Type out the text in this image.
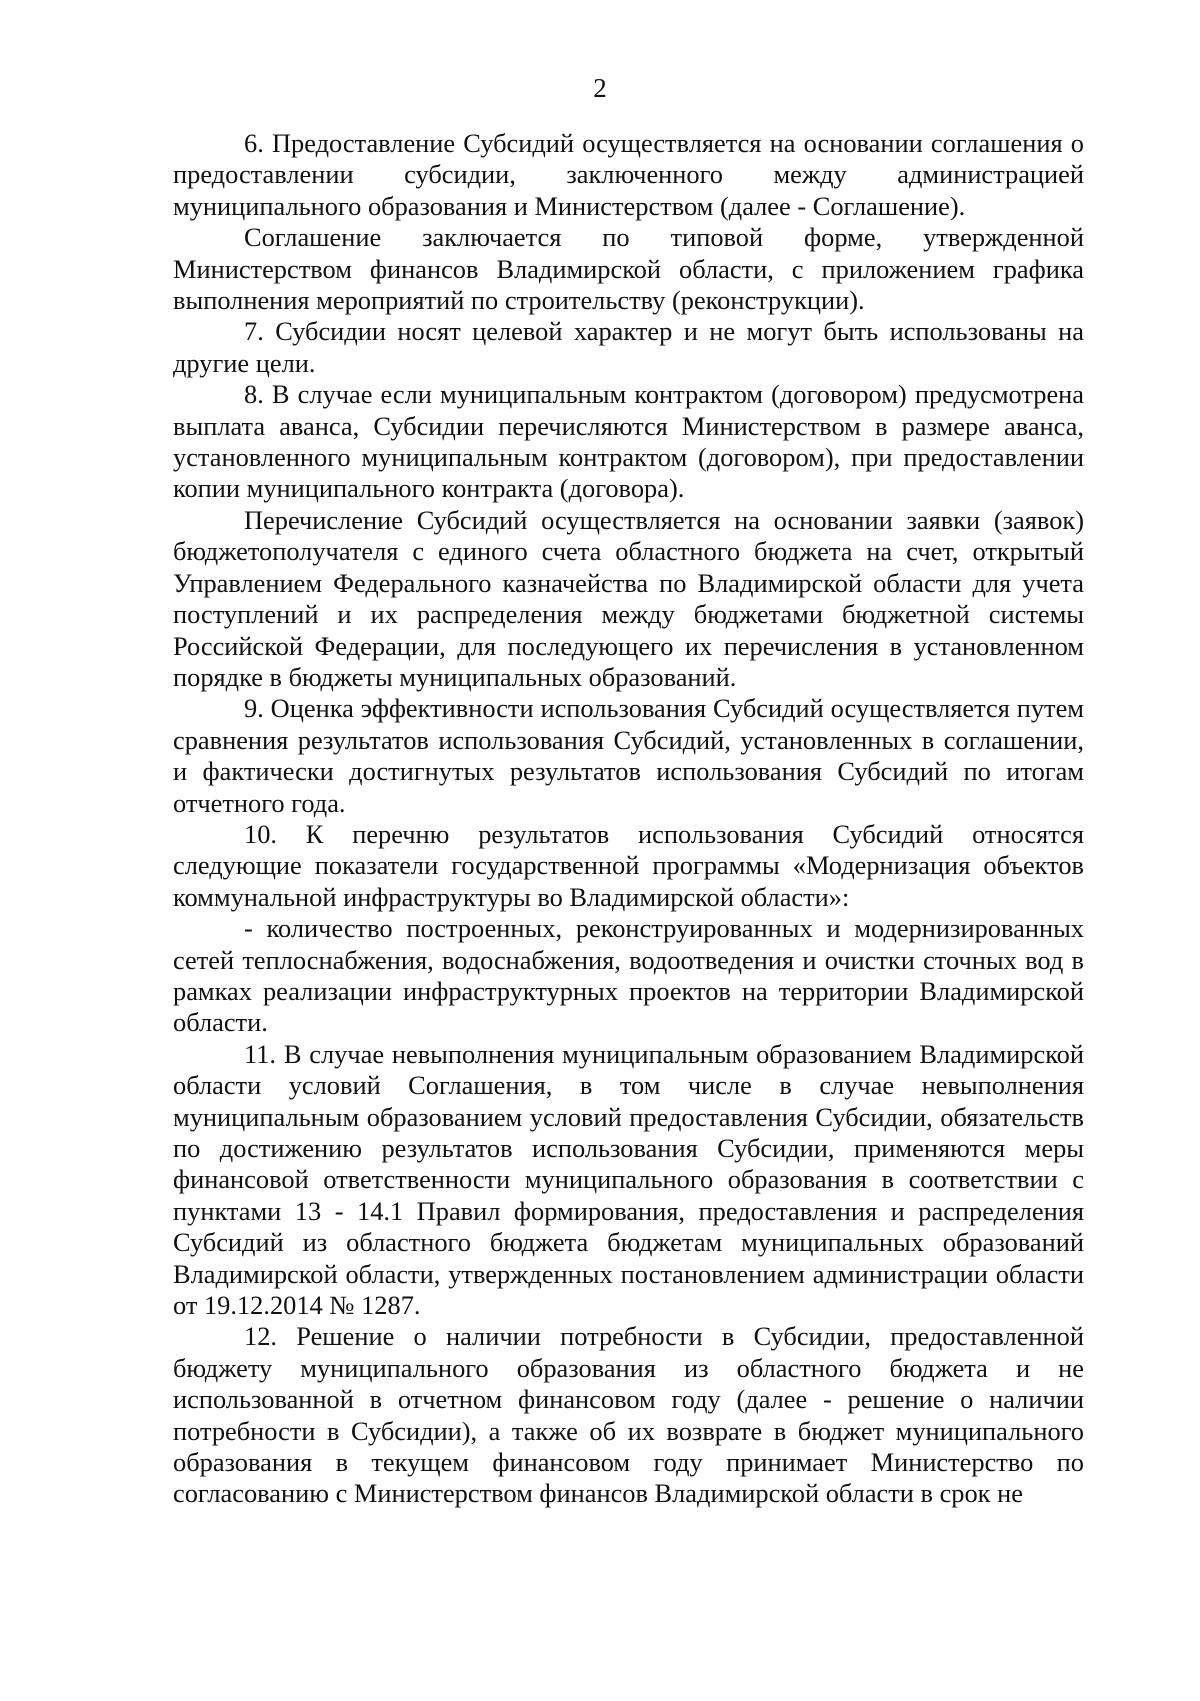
2

6. Предоставление Субсидий осуществляется на основании соглашения о предоставлении субсидии, заключенного между администрацией муниципального образования и Министерством (далее - Соглашение).

Соглашение заключается по типовой форме, утвержденной Министерством финансов Владимирской области, с приложением графика выполнения мероприятий по строительству (реконструкции).

7. Субсидии носят целевой характер и не могут быть использованы на другие цели.

8. В случае если муниципальным контрактом (договором) предусмотрена выплата аванса, Субсидии перечисляются Министерством в размере аванса, установленного муниципальным контрактом (договором), при предоставлении копии муниципального контракта (договора).

Перечисление Субсидий осуществляется на основании заявки (заявок) бюджетополучателя с единого счета областного бюджета на счет, открытый Управлением Федерального казначейства по Владимирской области для учета поступлений и их распределения между бюджетами бюджетной системы Российской Федерации, для последующего их перечисления в установленном порядке в бюджеты муниципальных образований.

9. Оценка эффективности использования Субсидий осуществляется путем сравнения результатов использования Субсидий, установленных в соглашении, и фактически достигнутых результатов использования Субсидий по итогам отчетного года.

10. К перечню результатов использования Субсидий относятся следующие показатели государственной программы «Модернизация объектов коммунальной инфраструктуры во Владимирской области»:

- количество построенных, реконструированных и модернизированных сетей теплоснабжения, водоснабжения, водоотведения и очистки сточных вод в рамках реализации инфраструктурных проектов на территории Владимирской области.

11. В случае невыполнения муниципальным образованием Владимирской области условий Соглашения, в том числе в случае невыполнения муниципальным образованием условий предоставления Субсидии, обязательств по достижению результатов использования Субсидии, применяются меры финансовой ответственности муниципального образования в соответствии с пунктами 13 - 14.1 Правил формирования, предоставления и распределения Субсидий из областного бюджета бюджетам муниципальных образований Владимирской области, утвержденных постановлением администрации области от 19.12.2014 № 1287.

12. Решение о наличии потребности в Субсидии, предоставленной бюджету муниципального образования из областного бюджета и не использованной в отчетном финансовом году (далее - решение о наличии потребности в Субсидии), а также об их возврате в бюджет муниципального образования в текущем финансовом году принимает Министерство по согласованию с Министерством финансов Владимирской области в срок не
